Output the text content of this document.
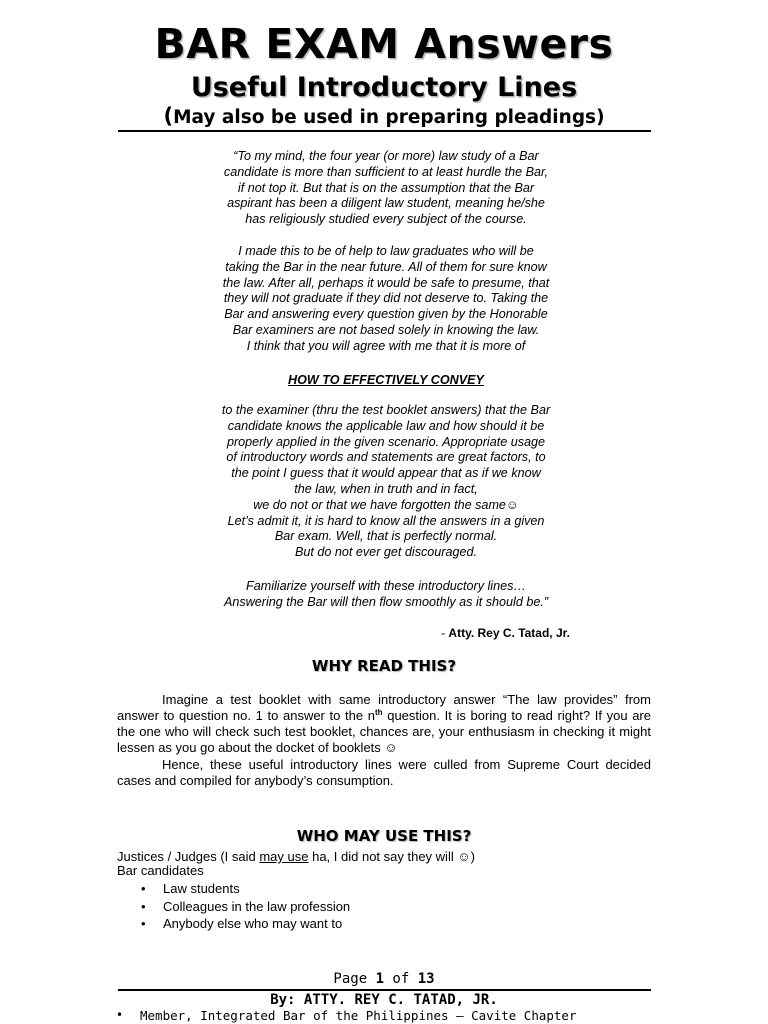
BAR EXAM Answers
Useful Introductory Lines
(May also be used in preparing pleadings)

“To my mind, the four year (or more) law study of a Bar
candidate is more than sufficient to at least hurdle the Bar,
if not top it. But that is on the assumption that the Bar
aspirant has been a diligent law student, meaning he/she
has religiously studied every subject of the course.

I made this to be of help to law graduates who will be
taking the Bar in the near future. All of them for sure know
the law. After all, perhaps it would be safe to presume, that
they will not graduate if they did not deserve to. Taking the
Bar and answering every question given by the Honorable
Bar examiners are not based solely in knowing the law.
I think that you will agree with me that it is more of

HOW TO EFFECTIVELY CONVEY

to the examiner (thru the test booklet answers) that the Bar
candidate knows the applicable law and how should it be
properly applied in the given scenario. Appropriate usage
of introductory words and statements are great factors, to
the point I guess that it would appear that as if we know
the law, when in truth and in fact,
we do not or that we have forgotten the same☺
Let’s admit it, it is hard to know all the answers in a given
Bar exam. Well, that is perfectly normal.
But do not ever get discouraged.

Familiarize yourself with these introductory lines…
Answering the Bar will then flow smoothly as it should be.”

- Atty. Rey C. Tatad, Jr.
WHY READ THIS?

Imagine a test booklet with same introductory answer “The law provides” from answer to question no. 1 to answer to the $n^{th}$ question. It is boring to read right? If you are the one who will check such test booklet, chances are, your enthusiasm in checking it might lessen as you go about the docket of booklets ☺

Hence, these useful introductory lines were culled from Supreme Court decided cases and compiled for anybody’s consumption.

WHO MAY USE THIS?

Justices / Judges (I said may use ha, I did not say they will ☺)

Bar candidates

• Law students
• Colleagues in the law profession
• Anybody else who may want to
Page 1 of 13
By: ATTY. REY C. TATAD, JR.
• Member, Integrated Bar of the Philippines – Cavite Chapter
